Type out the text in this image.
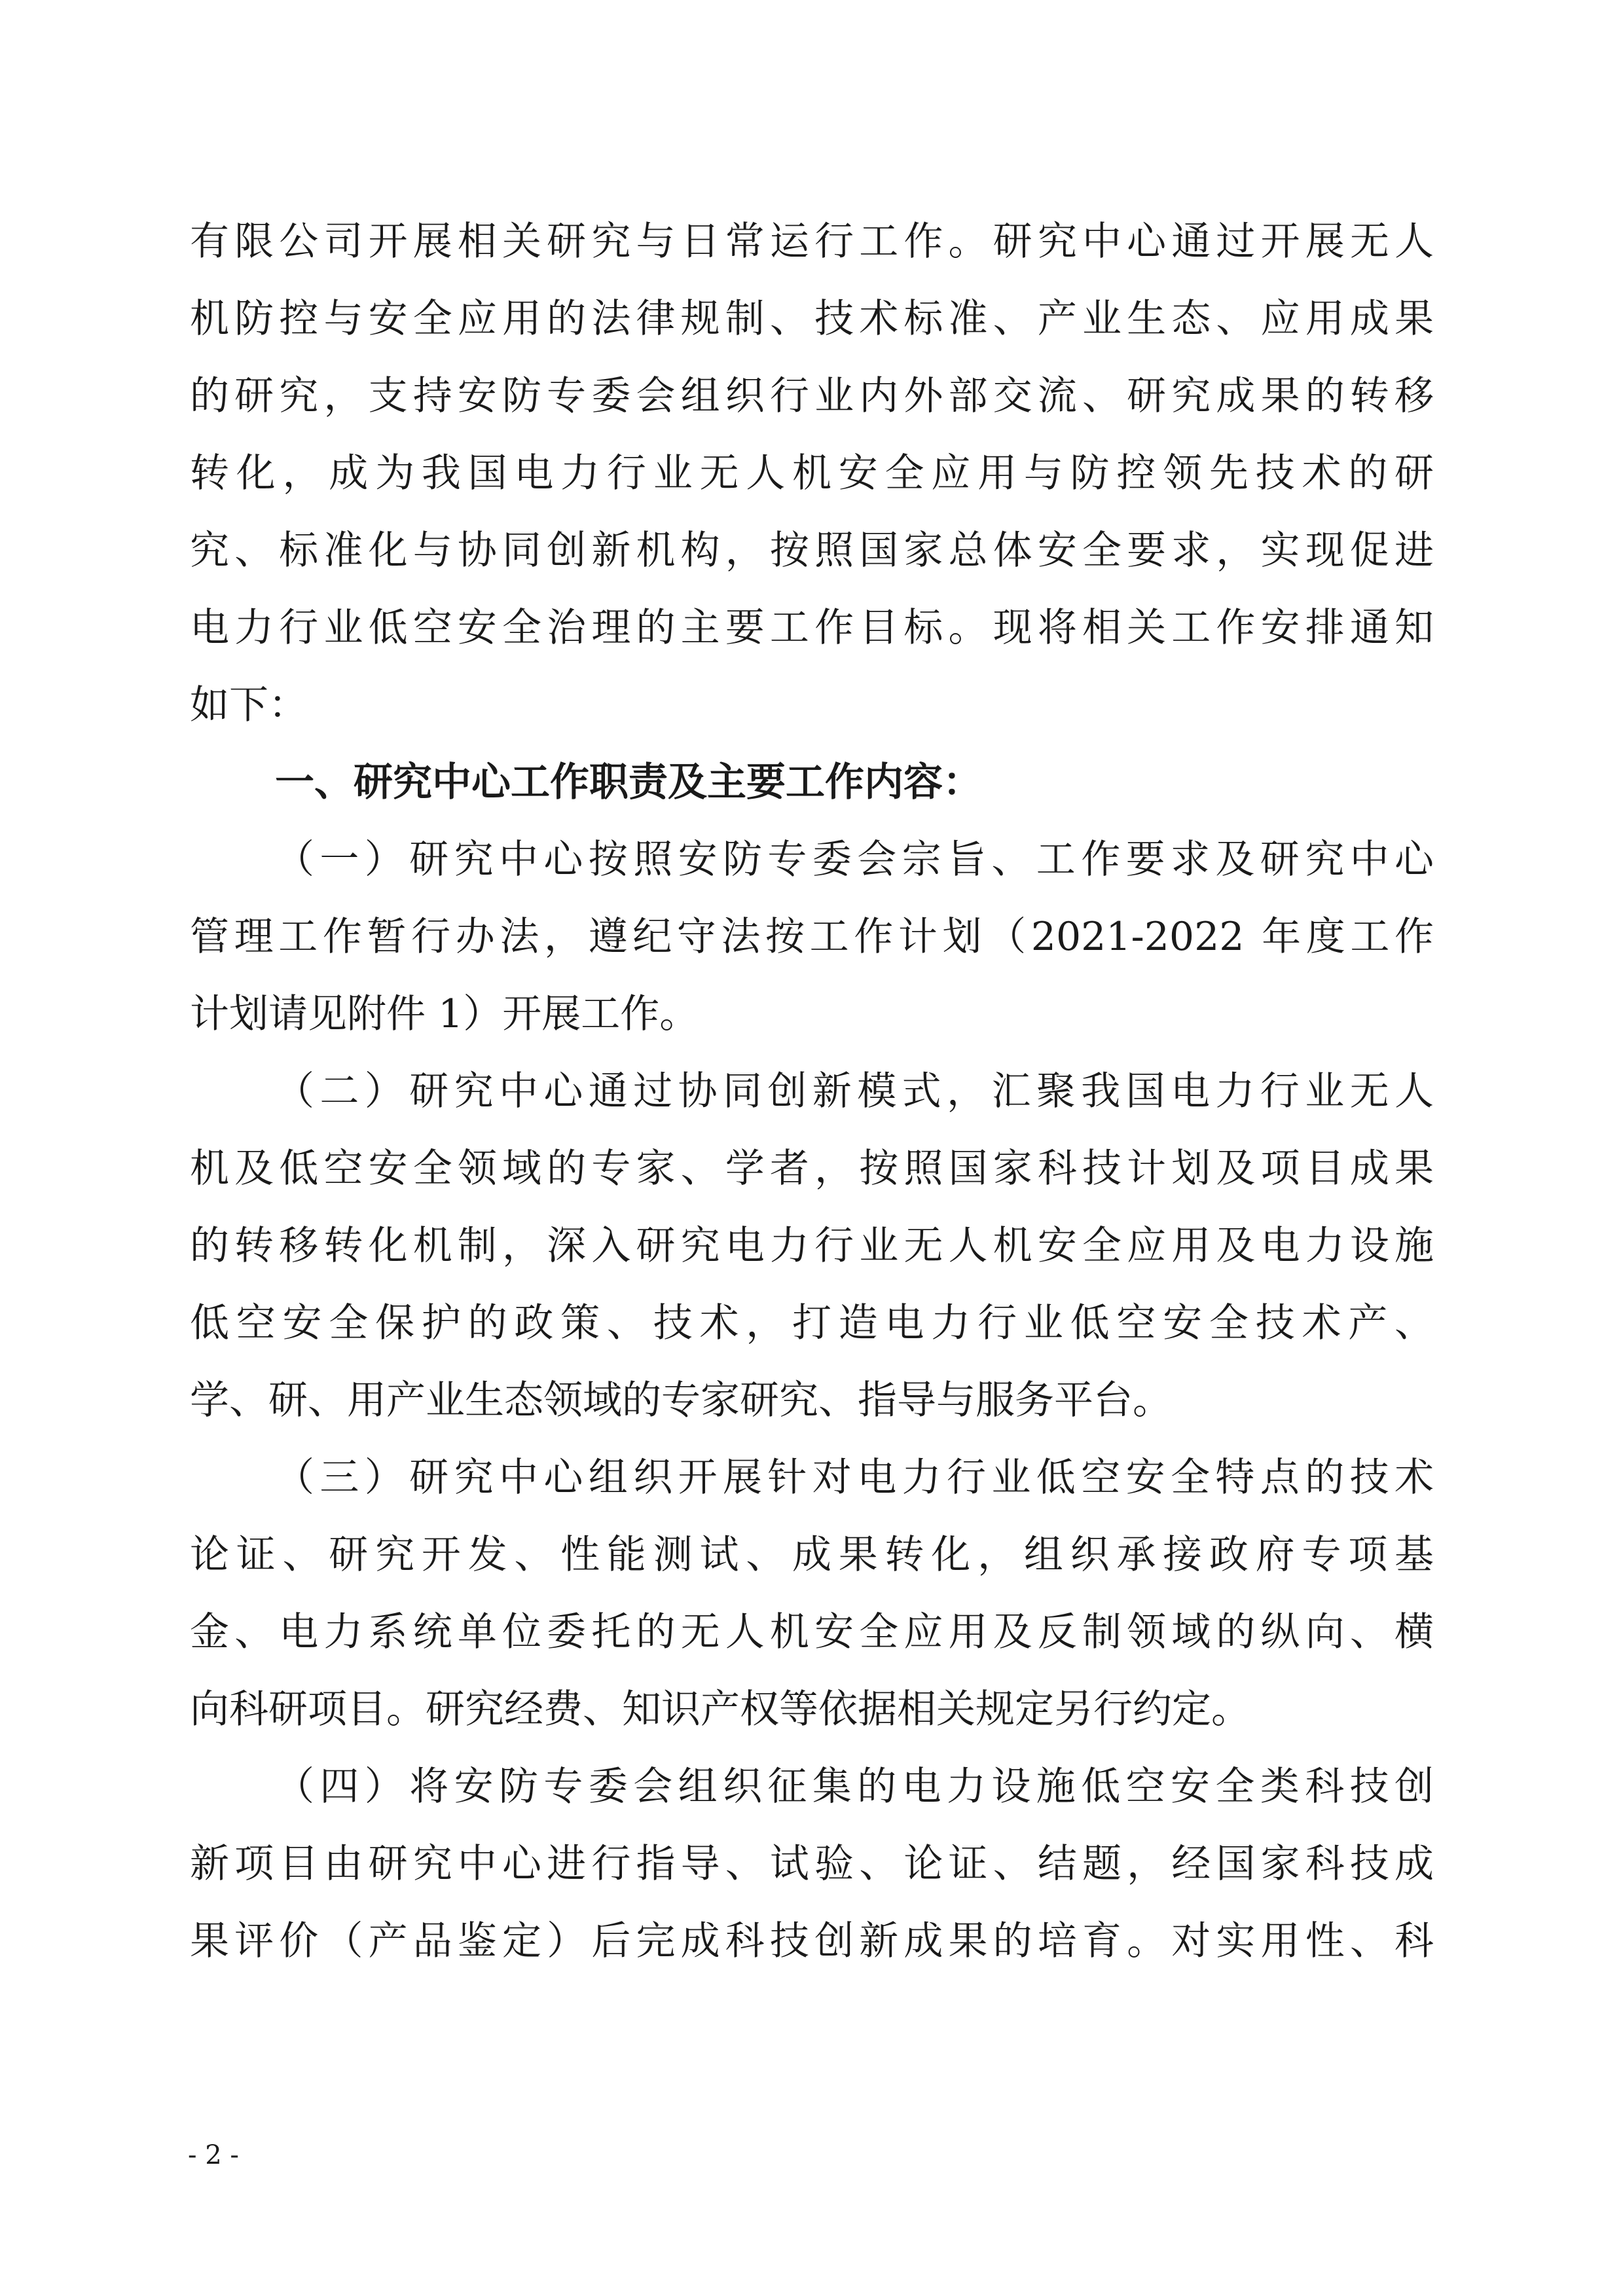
有限公司开展相关研究与日常运行工作。研究中心通过开展无人
机防控与安全应用的法律规制、技术标准、产业生态、应用成果
的研究，支持安防专委会组织行业内外部交流、研究成果的转移
转化，成为我国电力行业无人机安全应用与防控领先技术的研
究、标准化与协同创新机构，按照国家总体安全要求，实现促进
电力行业低空安全治理的主要工作目标。现将相关工作安排通知
如下：
一、研究中心工作职责及主要工作内容：
（一）研究中心按照安防专委会宗旨、工作要求及研究中心
管理工作暂行办法，遵纪守法按工作计划（2021-2022 年度工作
计划请见附件 1）开展工作。
（二）研究中心通过协同创新模式，汇聚我国电力行业无人
机及低空安全领域的专家、学者，按照国家科技计划及项目成果
的转移转化机制，深入研究电力行业无人机安全应用及电力设施
低空安全保护的政策、技术，打造电力行业低空安全技术产、
学、研、用产业生态领域的专家研究、指导与服务平台。
（三）研究中心组织开展针对电力行业低空安全特点的技术
论证、研究开发、性能测试、成果转化，组织承接政府专项基
金、电力系统单位委托的无人机安全应用及反制领域的纵向、横
向科研项目。研究经费、知识产权等依据相关规定另行约定。
（四）将安防专委会组织征集的电力设施低空安全类科技创
新项目由研究中心进行指导、试验、论证、结题，经国家科技成
果评价（产品鉴定）后完成科技创新成果的培育。对实用性、科
- 2 -
